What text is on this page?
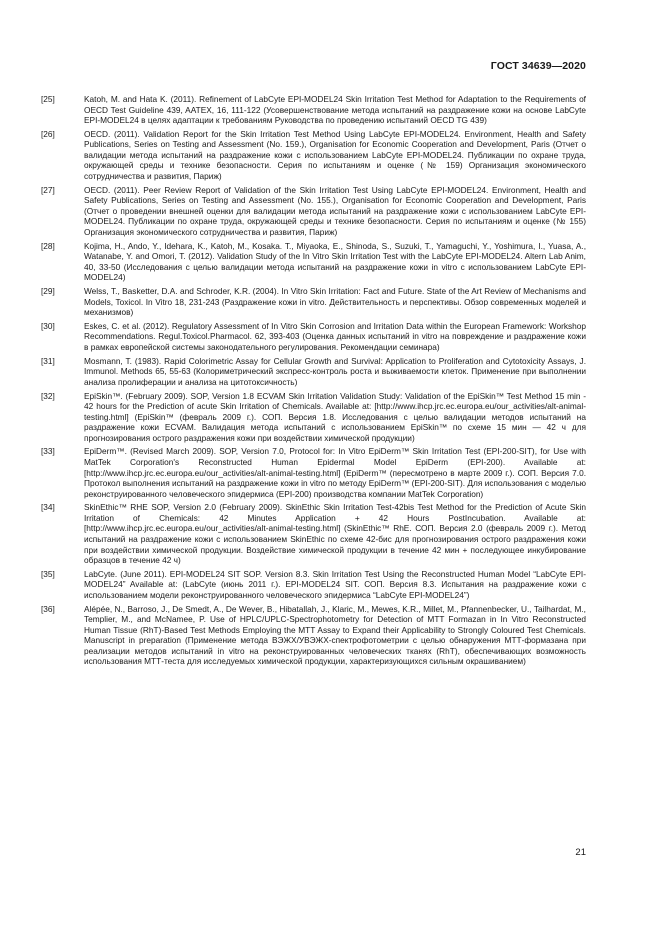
ГОСТ 34639—2020
[25]	Katoh, M. and Hata K. (2011). Refinement of LabCyte EPI-MODEL24 Skin Irritation Test Method for Adaptation to the Requirements of OECD Test Guideline 439, AATEX, 16, 111-122 (Усовершенствование метода испытаний на раздражение кожи на основе LabCyte EPI-MODEL24 в целях адаптации к требованиям Руководства по проведению испытаний OECD TG 439)
[26]	OECD. (2011). Validation Report for the Skin Irritation Test Method Using LabCyte EPI-MODEL24. Environment, Health and Safety Publications, Series on Testing and Assessment (No. 159.), Organisation for Economic Cooperation and Development, Paris (Отчет о валидации метода испытаний на раздражение кожи с использованием LabCyte EPI-MODEL24. Публикации по охране труда, окружающей среды и технике безопасности. Серия по испытаниям и оценке (№ 159) Организация экономического сотрудничества и развития, Париж)
[27]	OECD. (2011). Peer Review Report of Validation of the Skin Irritation Test Using LabCyte EPI-MODEL24. Environment, Health and Safety Publications, Series on Testing and Assessment (No. 155.), Organisation for Economic Cooperation and Development, Paris (Отчет о проведении внешней оценки для валидации метода испытаний на раздражение кожи с использованием LabCyte EPI-MODEL24. Публикации по охране труда, окружающей среды и технике безопасности. Серия по испытаниям и оценке (№ 155) Организация экономического сотрудничества и развития, Париж)
[28]	Kojima, H., Ando, Y., Idehara, K., Katoh, M., Kosaka. T., Miyaoka, E., Shinoda, S., Suzuki, T., Yamaguchi, Y., Yoshimura, I., Yuasa, A., Watanabe, Y. and Omori, T. (2012). Validation Study of the In Vitro Skin Irritation Test with the LabCyte EPI-MODEL24. Altern Lab Anim, 40, 33-50 (Исследования с целью валидации метода испытаний на раздражение кожи in vitro с использованием LabCyte EPI-MODEL24)
[29]	Welss, T., Basketter, D.A. and Schroder, K.R. (2004). In Vitro Skin Irritation: Fact and Future. State of the Art Review of Mechanisms and Models, Toxicol. In Vitro 18, 231-243 (Раздражение кожи in vitro. Действительность и перспективы. Обзор современных моделей и механизмов)
[30]	Eskes, C. et al. (2012). Regulatory Assessment of In Vitro Skin Corrosion and Irritation Data within the European Framework: Workshop Recommendations. Regul.Toxicol.Pharmacol. 62, 393-403 (Оценка данных испытаний in vitro на повреждение и раздражение кожи в рамках европейской системы законодательного регулирования. Рекомендации семинара)
[31]	Mosmann, T. (1983). Rapid Colorimetric Assay for Cellular Growth and Survival: Application to Proliferation and Cytotoxicity Assays, J. Immunol. Methods 65, 55-63 (Колориметрический экспресс-контроль роста и выживаемости клеток. Применение при выполнении анализа пролиферации и анализа на цитотоксичность)
[32]	EpiSkin™. (February 2009). SOP, Version 1.8 ECVAM Skin Irritation Validation Study: Validation of the EpiSkin™ Test Method 15 min - 42 hours for the Prediction of acute Skin Irritation of Chemicals. Available at: [http://www.ihcp.jrc.ec.europa.eu/our_activities/alt-animal-testing.html] (EpiSkin™ (февраль 2009 г.). СОП. Версия 1.8. Исследования с целью валидации методов испытаний на раздражение кожи ECVAM. Валидация метода испытаний с использованием EpiSkin™ по схеме 15 мин — 42 ч для прогнозирования острого раздражения кожи при воздействии химической продукции)
[33]	EpiDerm™. (Revised March 2009). SOP, Version 7.0, Protocol for: In Vitro EpiDerm™ Skin Irritation Test (EPI-200-SIT), for Use with MatTek Corporation's Reconstructed Human Epidermal Model EpiDerm (EPI-200). Available at: [http://www.ihcp.jrc.ec.europa.eu/our_activities/alt-animal-testing.html] (EpiDerm™ (пересмотрено в марте 2009 г.). СОП. Версия 7.0. Протокол выполнения испытаний на раздражение кожи in vitro по методу EpiDerm™ (EPI-200-SIT). Для использования с моделью реконструированного человеческого эпидермиса (EPI-200) производства компании MatTek Corporation)
[34]	SkinEthic™ RHE SOP, Version 2.0 (February 2009). SkinEthic Skin Irritation Test-42bis Test Method for the Prediction of Acute Skin Irritation of Chemicals: 42 Minutes Application + 42 Hours PostIncubation. Available at: [http://www.ihcp.jrc.ec.europa.eu/our_activities/alt-animal-testing.html] (SkinEthic™ RhE. СОП. Версия 2.0 (февраль 2009 г.). Метод испытаний на раздражение кожи с использованием SkinEthic по схеме 42-бис для прогнозирования острого раздражения кожи при воздействии химической продукции. Воздействие химической продукции в течение 42 мин + последующее инкубирование образцов в течение 42 ч)
[35]	LabCyte. (June 2011). EPI-MODEL24 SIT SOP. Version 8.3. Skin Irritation Test Using the Reconstructed Human Model “LabCyte EPI-MODEL24” Available at: (LabCyte (июнь 2011 г.). EPI-MODEL24 SIT. СОП. Версия 8.3. Испытания на раздражение кожи с использованием модели реконструированного человеческого эпидермиса “LabCyte EPI-MODEL24”)
[36]	Alépée, N., Barroso, J., De Smedt, A., De Wever, B., Hibatallah, J., Klaric, M., Mewes, K.R., Millet, M., Pfannenbecker, U., Tailhardat, M., Templier, M., and McNamee, P. Use of HPLC/UPLC-Spectrophotometry for Detection of MTT Formazan in In Vitro Reconstructed Human Tissue (RhT)-Based Test Methods Employing the MTT Assay to Expand their Applicability to Strongly Coloured Test Chemicals. Manuscript in preparation (Применение метода ВЭЖХ/УВЭЖХ-спектрофотометрии с целью обнаружения МТТ-формазана при реализации методов испытаний in vitro на реконструированных человеческих тканях (RhT), обеспечивающих возможность использования МТТ-теста для исследуемых химической продукции, характеризующихся сильным окрашиванием)
21
